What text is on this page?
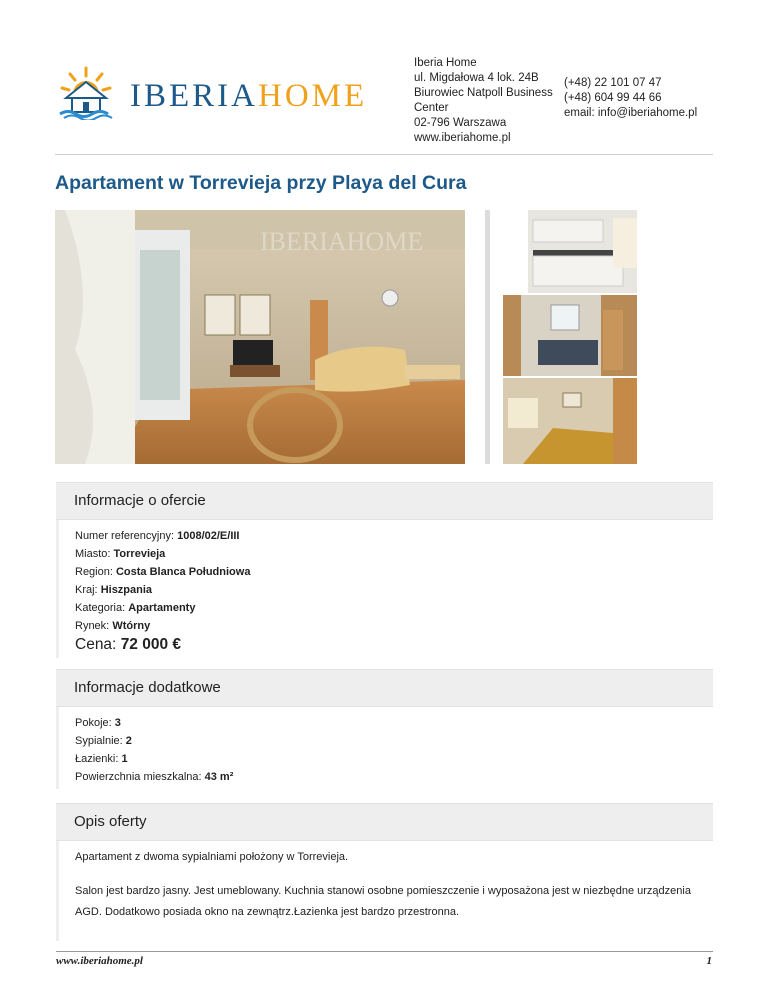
IBERIAHOME
Iberia Home
ul. Migdałowa 4 lok. 24B
Biurowiec Natpoll Business
Center
02-796 Warszawa
www.iberiahome.pl
(+48) 22 101 07 47
(+48) 604 99 44 66
email: info@iberiahome.pl
Apartament w Torrevieja przy Playa del Cura
IBERIAHOME
Informacje o ofercie
Numer referencyjny: 1008/02/E/III
Miasto: Torrevieja
Region: Costa Blanca Południowa
Kraj: Hiszpania
Kategoria: Apartamenty
Rynek: Wtórny
Cena: 72 000 €
Informacje dodatkowe
Pokoje: 3
Sypialnie: 2
Łazienki: 1
Powierzchnia mieszkalna: 43 m²
Opis oferty
Apartament z dwoma sypialniami położony w Torrevieja.
Salon jest bardzo jasny. Jest umeblowany. Kuchnia stanowi osobne pomieszczenie i wyposażona jest w niezbędne urządzenia AGD. Dodatkowo posiada okno na zewnątrz.Łazienka jest bardzo przestronna.
www.iberiahome.pl	1
